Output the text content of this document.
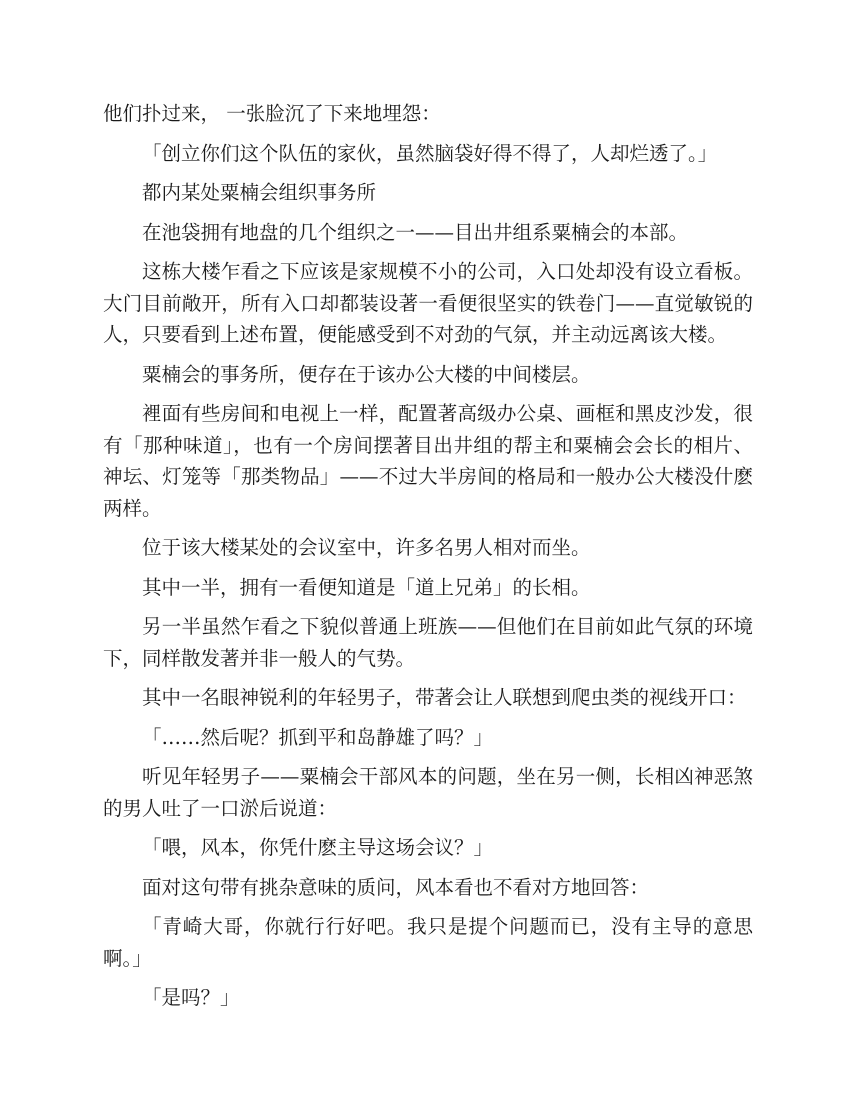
他们扑过来， 一张脸沉了下来地埋怨：

「创立你们这个队伍的家伙，虽然脑袋好得不得了，人却烂透了。」

都内某处粟楠会组织事务所

在池袋拥有地盘的几个组织之一——目出井组系粟楠会的本部。

这栋大楼乍看之下应该是家规模不小的公司，入口处却没有设立看板。大门目前敞开，所有入口却都装设著一看便很坚实的铁卷门——直觉敏锐的人，只要看到上述布置，便能感受到不对劲的气氛，并主动远离该大楼。

粟楠会的事务所，便存在于该办公大楼的中间楼层。

裡面有些房间和电视上一样，配置著高级办公桌、画框和黑皮沙发，很有「那种味道」，也有一个房间摆著目出井组的帮主和粟楠会会长的相片、神坛、灯笼等「那类物品」——不过大半房间的格局和一般办公大楼没什麽两样。

位于该大楼某处的会议室中，许多名男人相对而坐。

其中一半，拥有一看便知道是「道上兄弟」的长相。

另一半虽然乍看之下貌似普通上班族——但他们在目前如此气氛的环境下，同样散发著并非一般人的气势。

其中一名眼神锐利的年轻男子，带著会让人联想到爬虫类的视线开口：

「……然后呢？抓到平和岛静雄了吗？」

听见年轻男子——粟楠会干部风本的问题，坐在另一侧，长相凶神恶煞的男人吐了一口淤后说道：

「喂，风本，你凭什麽主导这场会议？」

面对这句带有挑杂意味的质问，风本看也不看对方地回答：

「青崎大哥，你就行行好吧。我只是提个问题而已，没有主导的意思啊。」

「是吗？」
